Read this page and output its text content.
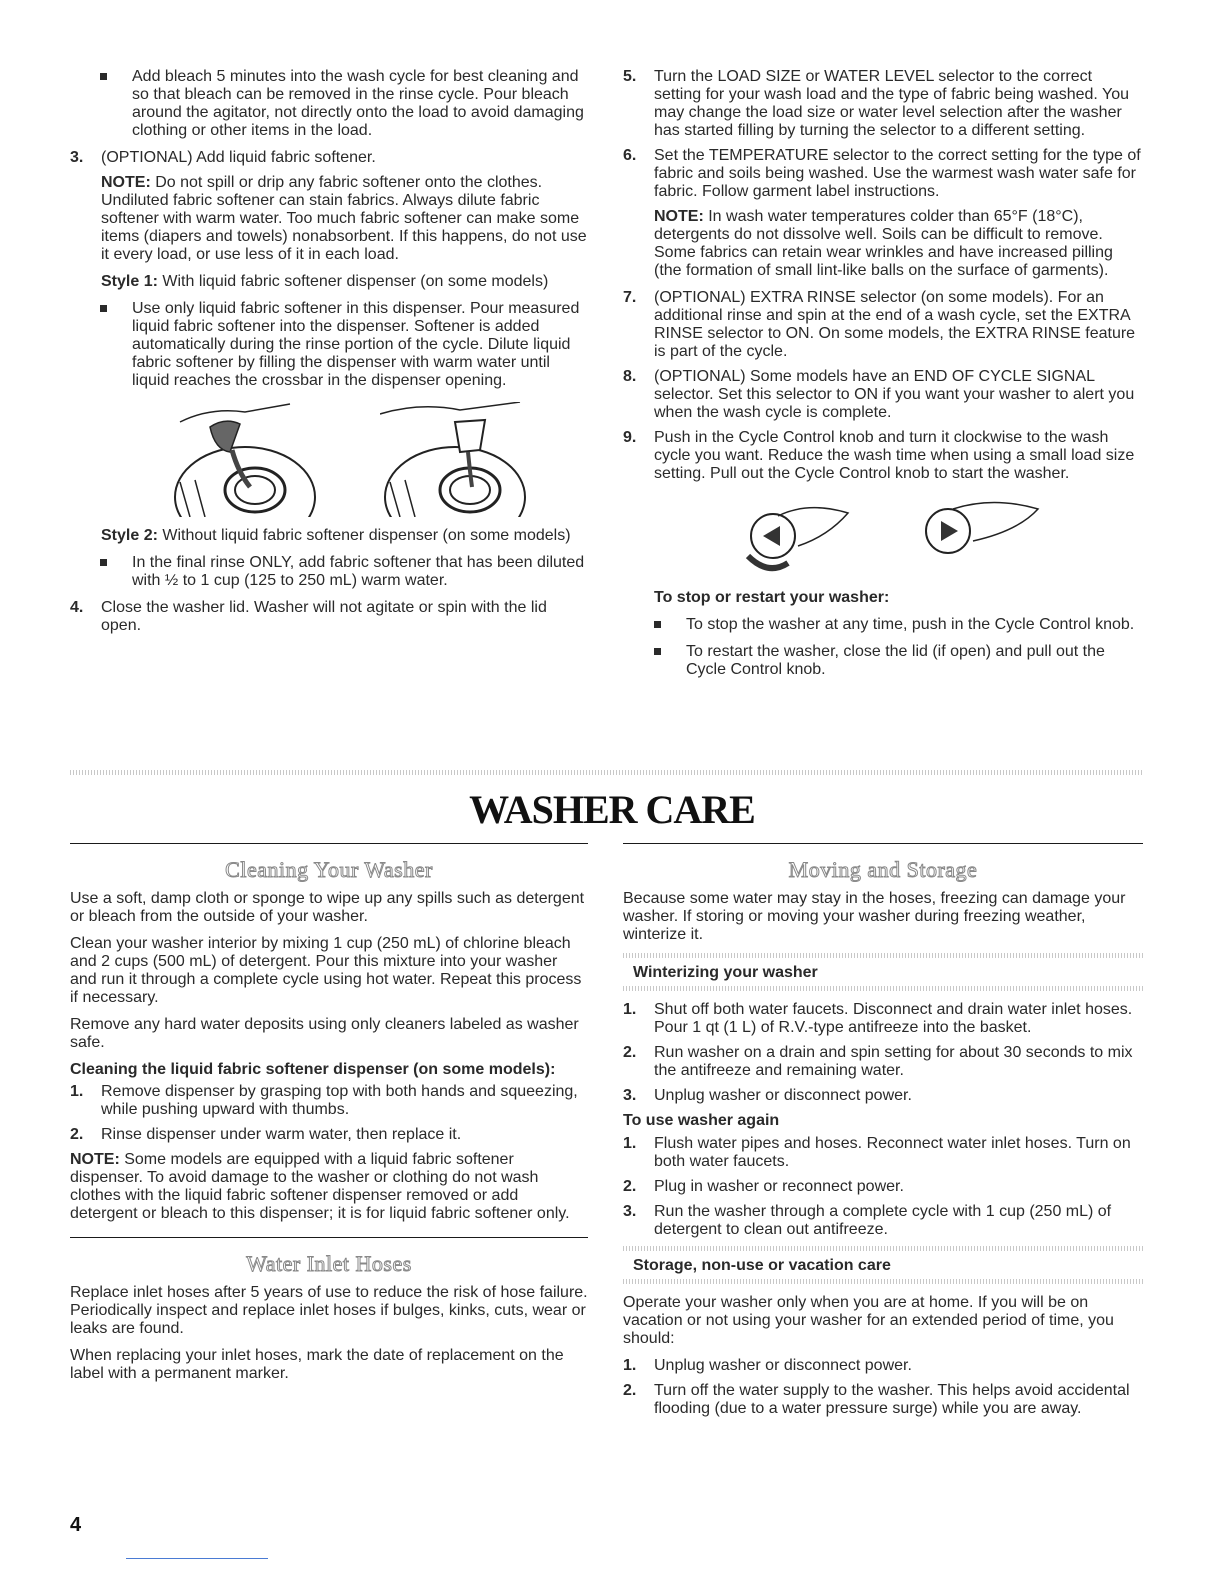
Add bleach 5 minutes into the wash cycle for best cleaning and so that bleach can be removed in the rinse cycle. Pour bleach around the agitator, not directly onto the load to avoid damaging clothing or other items in the load.
3. (OPTIONAL) Add liquid fabric softener.

NOTE: Do not spill or drip any fabric softener onto the clothes. Undiluted fabric softener can stain fabrics. Always dilute fabric softener with warm water. Too much fabric softener can make some items (diapers and towels) nonabsorbent. If this happens, do not use it every load, or use less of it in each load.

Style 1: With liquid fabric softener dispenser (on some models)

Use only liquid fabric softener in this dispenser. Pour measured liquid fabric softener into the dispenser. Softener is added automatically during the rinse portion of the cycle. Dilute liquid fabric softener by filling the dispenser with warm water until liquid reaches the crossbar in the dispenser opening.

Style 2: Without liquid fabric softener dispenser (on some models)

In the final rinse ONLY, add fabric softener that has been diluted with ½ to 1 cup (125 to 250 mL) warm water.
4. Close the washer lid. Washer will not agitate or spin with the lid open.
5. Turn the LOAD SIZE or WATER LEVEL selector to the correct setting for your wash load and the type of fabric being washed. You may change the load size or water level selection after the washer has started filling by turning the selector to a different setting.
6. Set the TEMPERATURE selector to the correct setting for the type of fabric and soils being washed. Use the warmest wash water safe for fabric. Follow garment label instructions.

NOTE: In wash water temperatures colder than 65°F (18°C), detergents do not dissolve well. Soils can be difficult to remove. Some fabrics can retain wear wrinkles and have increased pilling (the formation of small lint-like balls on the surface of garments).

7. (OPTIONAL) EXTRA RINSE selector (on some models). For an additional rinse and spin at the end of a wash cycle, set the EXTRA RINSE selector to ON. On some models, the EXTRA RINSE feature is part of the cycle.
8. (OPTIONAL) Some models have an END OF CYCLE SIGNAL selector. Set this selector to ON if you want your washer to alert you when the wash cycle is complete.
9. Push in the Cycle Control knob and turn it clockwise to the wash cycle you want. Reduce the wash time when using a small load size setting. Pull out the Cycle Control knob to start the washer.

To stop or restart your washer:

To stop the washer at any time, push in the Cycle Control knob.
To restart the washer, close the lid (if open) and pull out the Cycle Control knob.
WASHER CARE
Cleaning Your Washer

Use a soft, damp cloth or sponge to wipe up any spills such as detergent or bleach from the outside of your washer.

Clean your washer interior by mixing 1 cup (250 mL) of chlorine bleach and 2 cups (500 mL) of detergent. Pour this mixture into your washer and run it through a complete cycle using hot water. Repeat this process if necessary.

Remove any hard water deposits using only cleaners labeled as washer safe.

Cleaning the liquid fabric softener dispenser (on some models):

1. Remove dispenser by grasping top with both hands and squeezing, while pushing upward with thumbs.
2. Rinse dispenser under warm water, then replace it.

NOTE: Some models are equipped with a liquid fabric softener dispenser. To avoid damage to the washer or clothing do not wash clothes with the liquid fabric softener dispenser removed or add detergent or bleach to this dispenser; it is for liquid fabric softener only.

Water Inlet Hoses

Replace inlet hoses after 5 years of use to reduce the risk of hose failure. Periodically inspect and replace inlet hoses if bulges, kinks, cuts, wear or leaks are found.

When replacing your inlet hoses, mark the date of replacement on the label with a permanent marker.

Moving and Storage

Because some water may stay in the hoses, freezing can damage your washer. If storing or moving your washer during freezing weather, winterize it.

Winterizing your washer

1. Shut off both water faucets. Disconnect and drain water inlet hoses. Pour 1 qt (1 L) of R.V.-type antifreeze into the basket.
2. Run washer on a drain and spin setting for about 30 seconds to mix the antifreeze and remaining water.
3. Unplug washer or disconnect power.

To use washer again

1. Flush water pipes and hoses. Reconnect water inlet hoses. Turn on both water faucets.
2. Plug in washer or reconnect power.
3. Run the washer through a complete cycle with 1 cup (250 mL) of detergent to clean out antifreeze.

Storage, non-use or vacation care

Operate your washer only when you are at home. If you will be on vacation or not using your washer for an extended period of time, you should:

1. Unplug washer or disconnect power.
2. Turn off the water supply to the washer. This helps avoid accidental flooding (due to a water pressure surge) while you are away.
4
